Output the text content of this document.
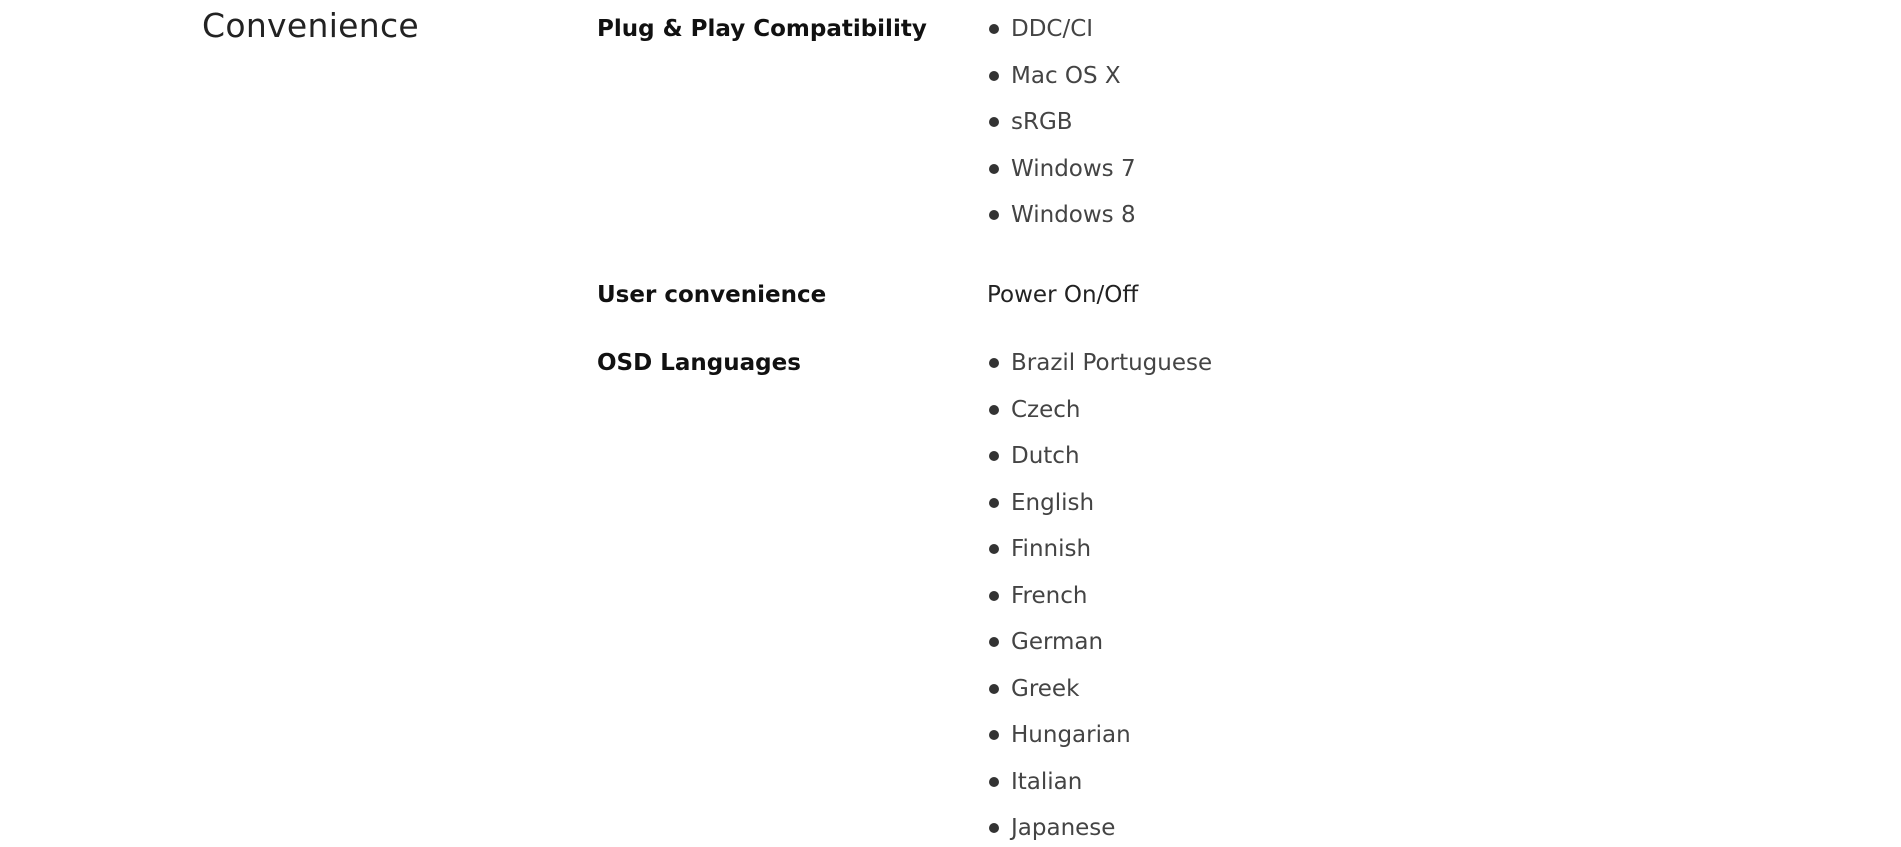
Convenience	Plug & Play Compatibility	DDC/CI
Mac OS X
sRGB
Windows 7
Windows 8
User convenience	Power On/Off
OSD Languages	Brazil Portuguese
Czech
Dutch
English
Finnish
French
German
Greek
Hungarian
Italian
Japanese
